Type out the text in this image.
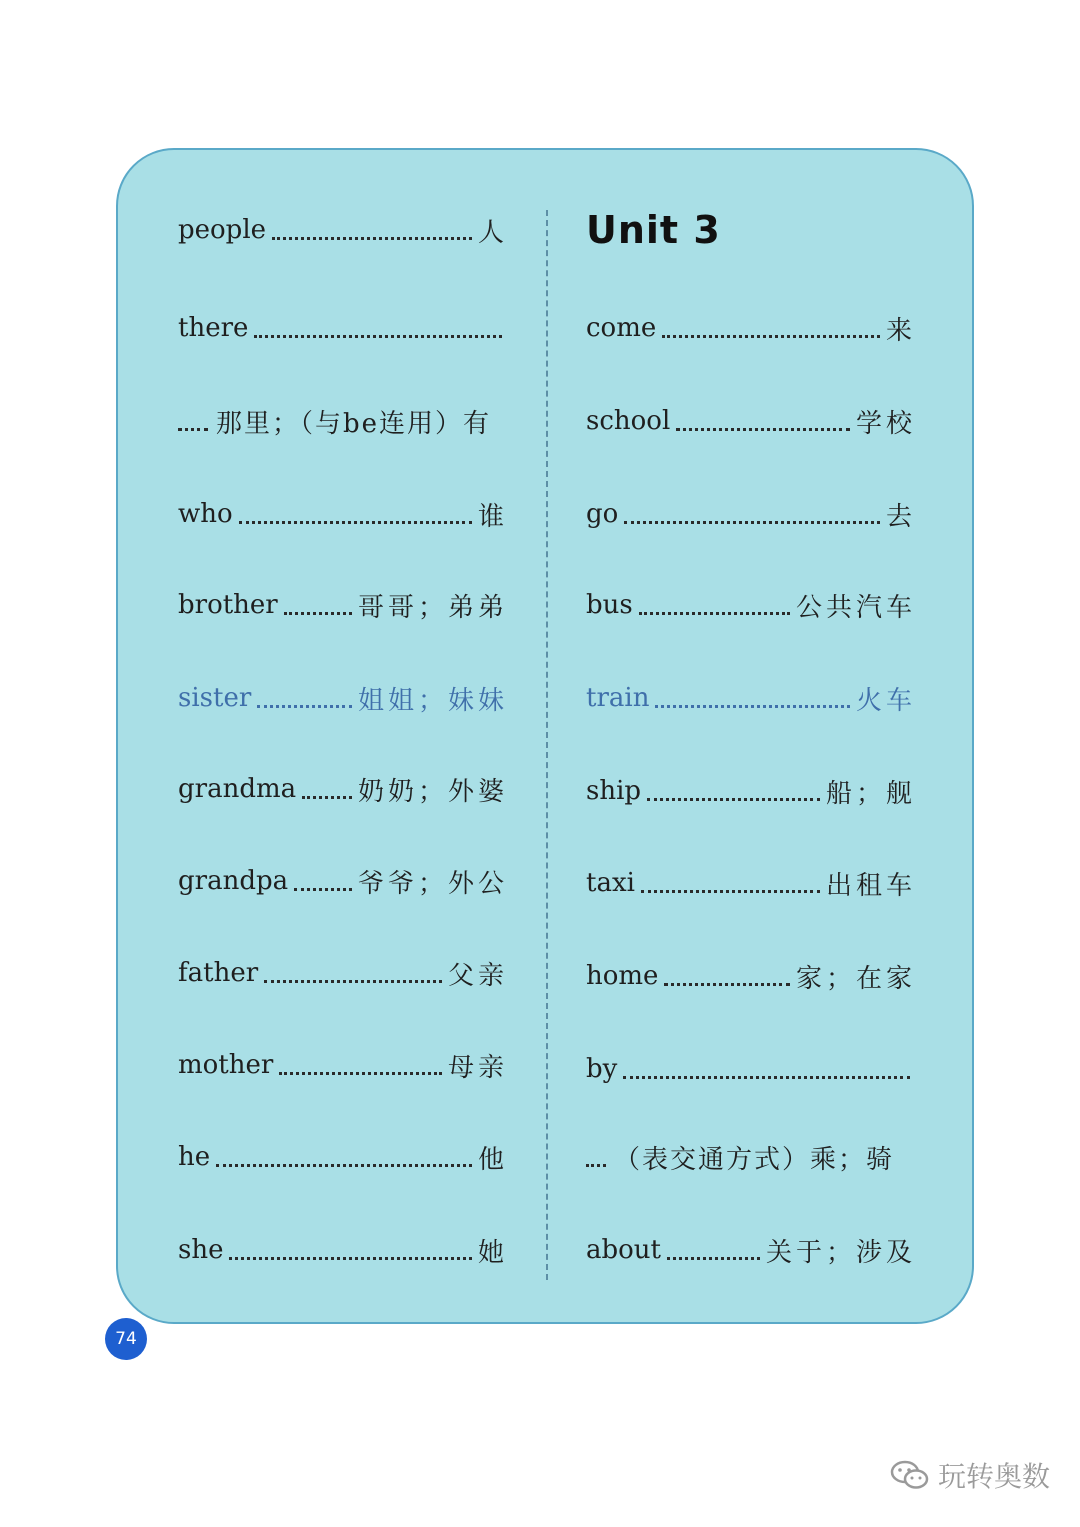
people	人
there
那里；（与be连用）有
who	谁
brother	哥哥；弟弟
sister	姐姐；妹妹
grandma 奶奶；外婆
grandpa	爷爷；外公
father	父亲
mother	母亲
he	他
she	她
Unit 3
come	来
school	学校
go	去
bus	公共汽车
train	火车
ship	船；舰
taxi	出租车
home	家；在家
by
（表交通方式）乘；骑
about	关于；涉及
74
玩转奥数
